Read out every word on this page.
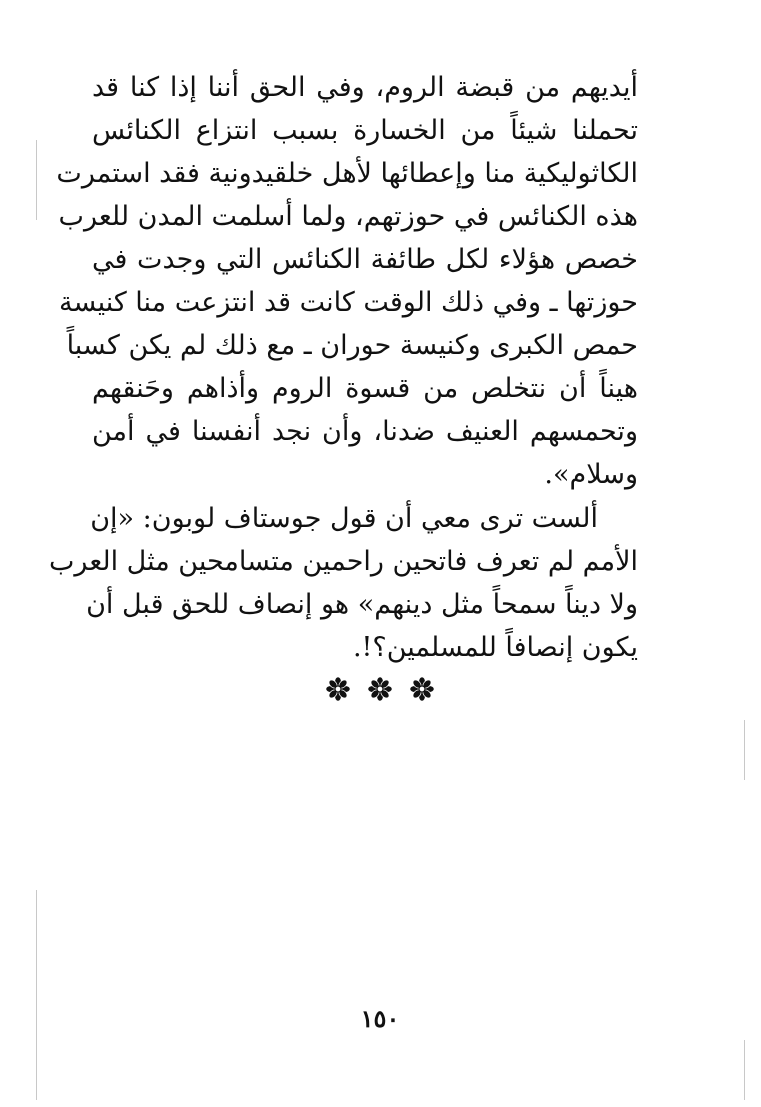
أيديهم من قبضة الروم، وفي الحق أننا إذا كنا قد
تحملنا شيئاً من الخسارة بسبب انتزاع الكنائس
الكاثوليكية منا وإعطائها لأهل خلقيدونية فقد استمرت
هذه الكنائس في حوزتهم، ولما أسلمت المدن للعرب
خصص هؤلاء لكل طائفة الكنائس التي وجدت في
حوزتها ـ وفي ذلك الوقت كانت قد انتزعت منا كنيسة
حمص الكبرى وكنيسة حوران ـ مع ذلك لم يكن كسباً
هيناً أن نتخلص من قسوة الروم وأذاهم وحَنقهم
وتحمسهم العنيف ضدنا، وأن نجد أنفسنا في أمن
وسلام».
ألست ترى معي أن قول جوستاف لوبون: «إن
الأمم لم تعرف فاتحين راحمين متسامحين مثل العرب
ولا ديناً سمحاً مثل دينهم» هو إنصاف للحق قبل أن
يكون إنصافاً للمسلمين؟!.
١٥٠
